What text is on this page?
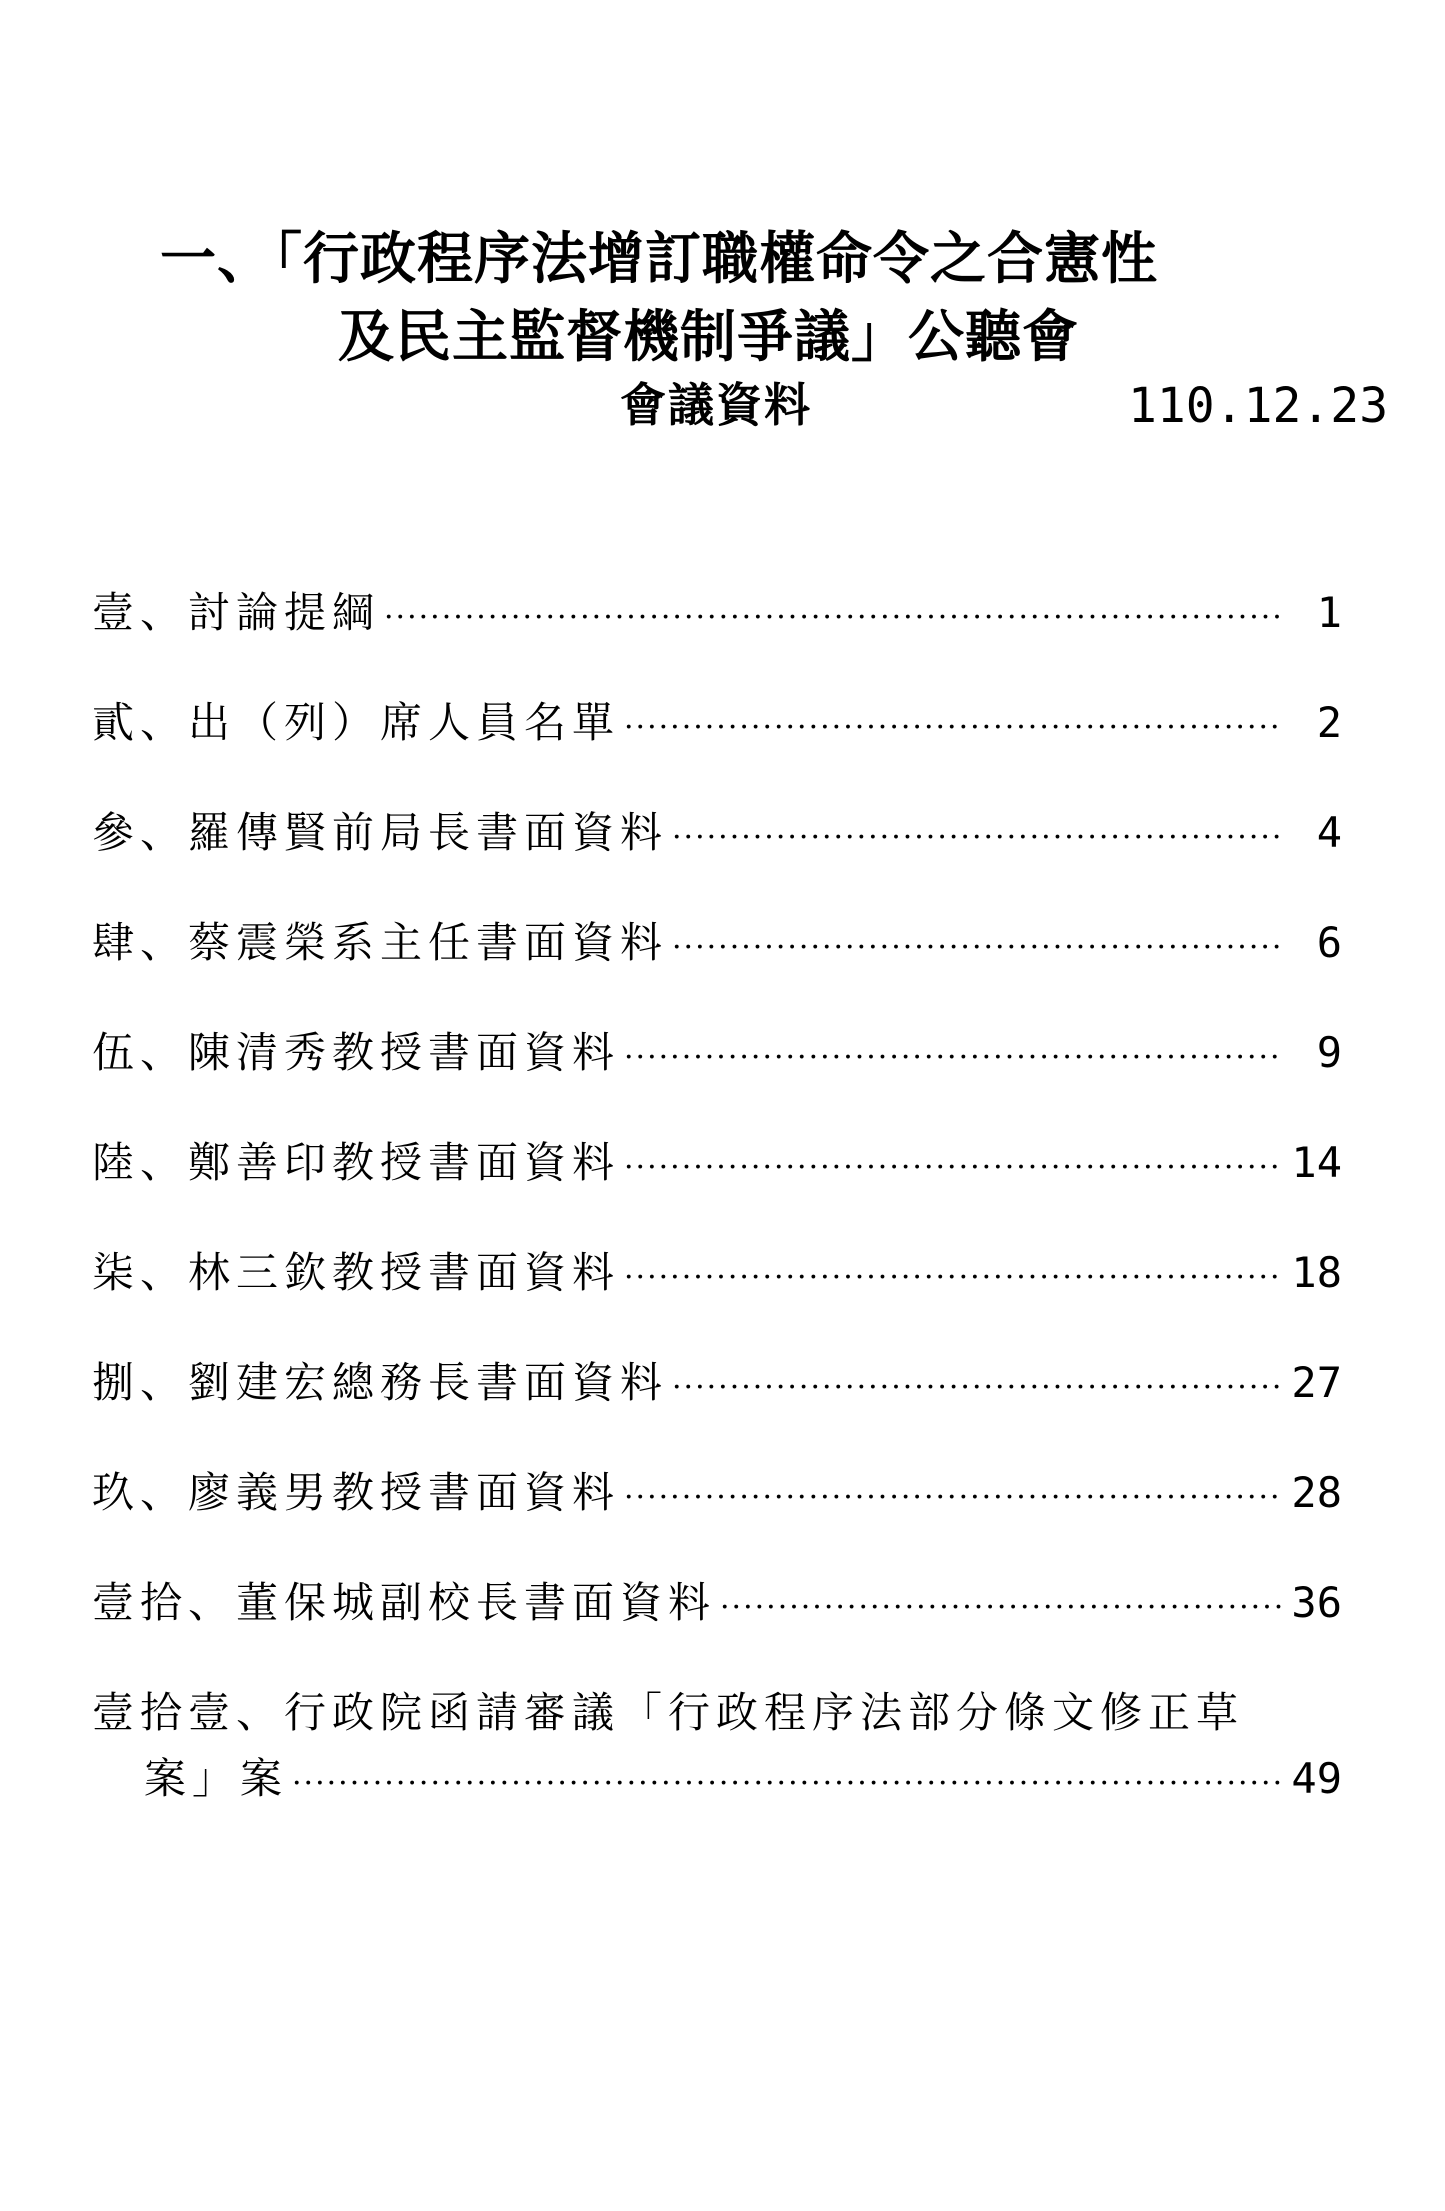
一、「行政程序法增訂職權命令之合憲性
及民主監督機制爭議」公聽會
會議資料	110.12.23
壹、討論提綱 ·····	1
貳、出（列）席人員名單 ·····	2
參、羅傳賢前局長書面資料 ·····	4
肆、蔡震榮系主任書面資料 ·····	6
伍、陳清秀教授書面資料 ·····	9
陸、鄭善印教授書面資料 ·····	14
柒、林三欽教授書面資料 ·····	18
捌、劉建宏總務長書面資料 ·····	27
玖、廖義男教授書面資料 ·····	28
壹拾、董保城副校長書面資料 ·····	36
壹拾壹、行政院函請審議「行政程序法部分條文修正草
案」案 ·····	49
